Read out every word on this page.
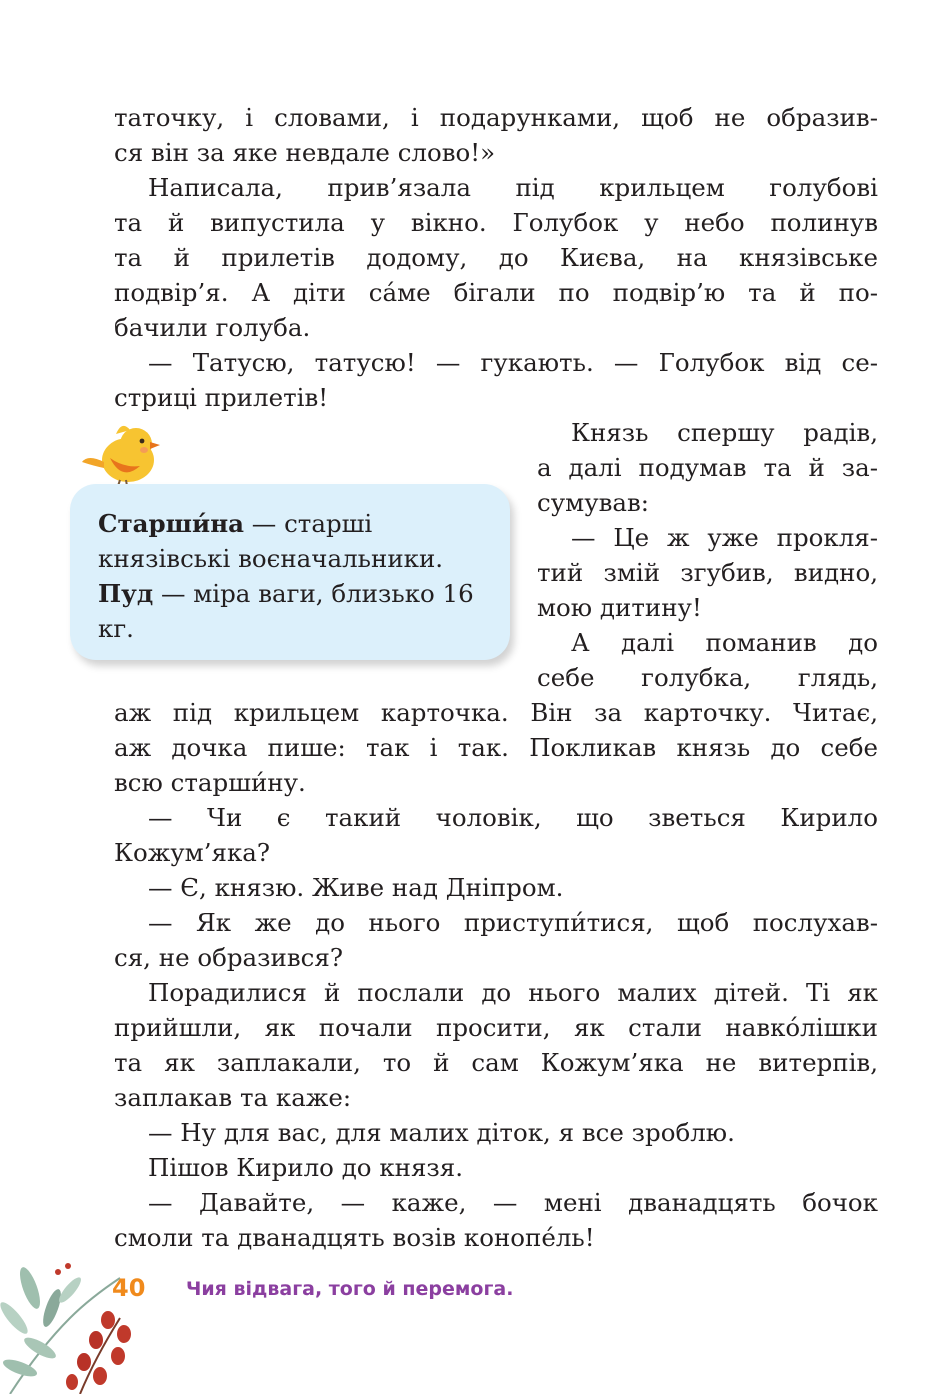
таточку, і словами, і подарунками, щоб не образив-
ся він за яке невдале слово!»
Написала, прив’язала під крильцем голубові
та й випустила у вікно. Голубок у небо полинув
та й прилетів додому, до Києва, на князівське
подвір’я. А діти са́ме бігали по подвір’ю та й по-
бачили голуба.
— Татусю, татусю! — гукають. — Голубок від се-
стриці прилетів!
Князь спершу радів,
а далі подумав та й за-
сумував:
— Це ж уже прокля-
тий змій згубив, видно,
мою дитину!
А далі поманив до
себе голубка, глядь,
аж під крильцем карточка. Він за карточку. Читає,
аж дочка пише: так і так. Покликав князь до себе
всю старши́ну.
— Чи є такий чоловік, що зветься Кирило
Кожум’яка?
— Є, князю. Живе над Дніпром.
— Як же до нього приступи́тися, щоб послухав-
ся, не образився?
Порадилися й послали до нього малих дітей. Ті як
прийшли, як почали просити, як стали навко́лішки
та як заплакали, то й сам Кожум’яка не витерпів,
заплакав та каже:
— Ну для вас, для малих діток, я все зроблю.
Пішов Кирило до князя.
— Давайте, — каже, — мені дванадцять бочок
смоли та дванадцять возів конопе́ль!
Старши́на — старші князівські воєначальники.
Пуд — міра ваги, близько 16 кг.
40 Чия відвага, того й перемога.
